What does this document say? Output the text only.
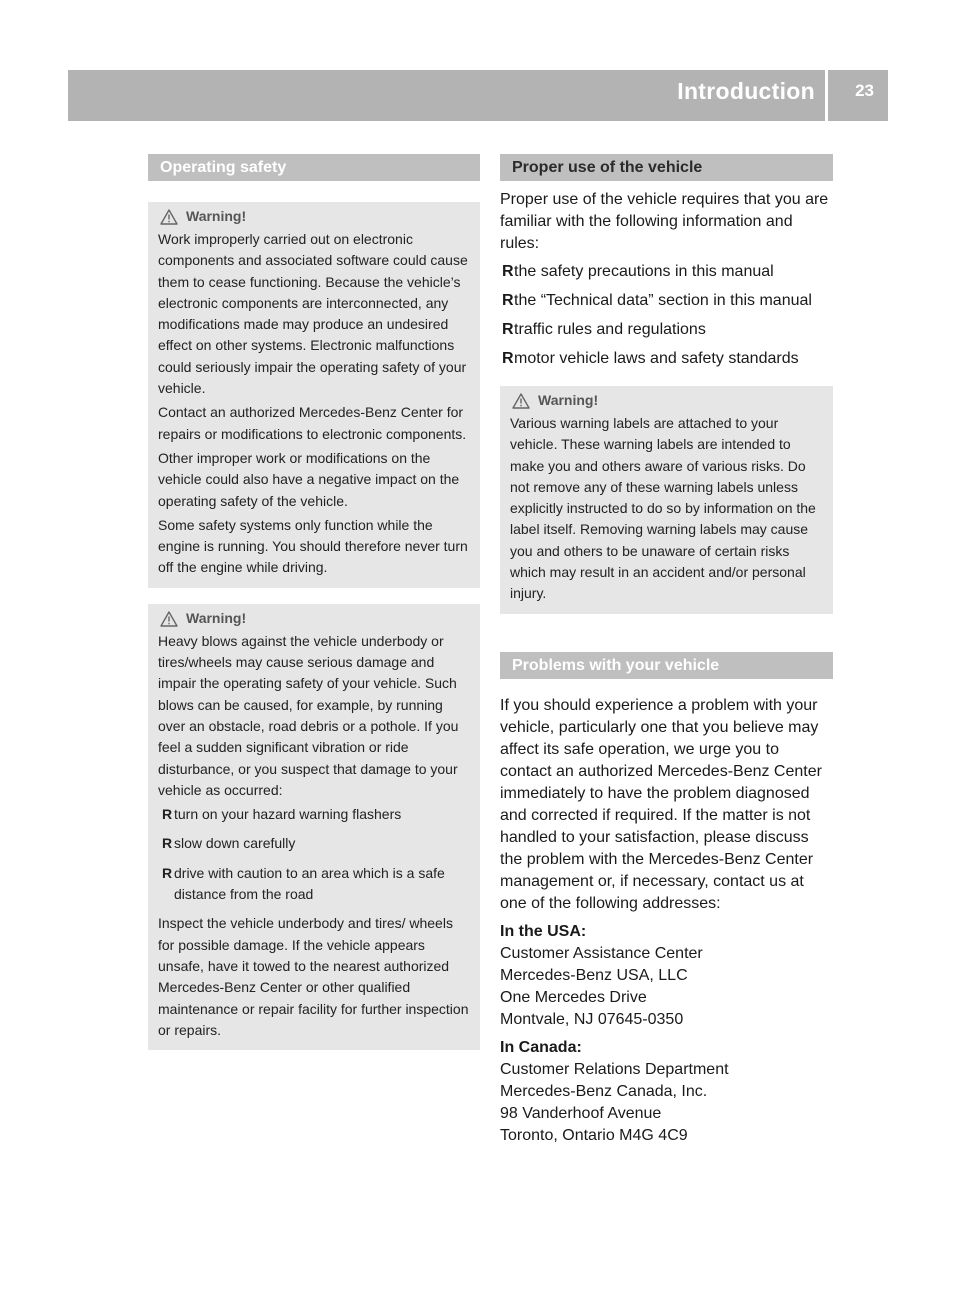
Introduction	23
Operating safety
Warning!

Work improperly carried out on electronic components and associated software could cause them to cease functioning. Because the vehicle’s electronic components are interconnected, any modifications made may produce an undesired effect on other systems. Electronic malfunctions could seriously impair the operating safety of your vehicle.

Contact an authorized Mercedes-Benz Center for repairs or modifications to electronic components.

Other improper work or modifications on the vehicle could also have a negative impact on the operating safety of the vehicle.

Some safety systems only function while the engine is running. You should therefore never turn off the engine while driving.

Warning!

Heavy blows against the vehicle underbody or tires/wheels may cause serious damage and impair the operating safety of your vehicle. Such blows can be caused, for example, by running over an obstacle, road debris or a pothole. If you feel a sudden significant vibration or ride disturbance, or you suspect that damage to your vehicle as occurred:

R turn on your hazard warning flashers
R slow down carefully
R drive with caution to an area which is a safe distance from the road

Inspect the vehicle underbody and tires/ wheels for possible damage. If the vehicle appears unsafe, have it towed to the nearest authorized Mercedes-Benz Center or other qualified maintenance or repair facility for further inspection or repairs.

Proper use of the vehicle

Proper use of the vehicle requires that you are familiar with the following information and rules:

R the safety precautions in this manual
R the “Technical data” section in this manual
R traffic rules and regulations
R motor vehicle laws and safety standards
Warning!

Various warning labels are attached to your vehicle. These warning labels are intended to make you and others aware of various risks. Do not remove any of these warning labels unless explicitly instructed to do so by information on the label itself. Removing warning labels may cause you and others to be unaware of certain risks which may result in an accident and/or personal injury.

Problems with your vehicle

If you should experience a problem with your vehicle, particularly one that you believe may affect its safe operation, we urge you to contact an authorized Mercedes-Benz Center immediately to have the problem diagnosed and corrected if required. If the matter is not handled to your satisfaction, please discuss the problem with the Mercedes-Benz Center management or, if necessary, contact us at one of the following addresses:

In the USA:
Customer Assistance Center
Mercedes-Benz USA, LLC
One Mercedes Drive
Montvale, NJ 07645-0350
In Canada:
Customer Relations Department
Mercedes-Benz Canada, Inc.
98 Vanderhoof Avenue
Toronto, Ontario M4G 4C9
